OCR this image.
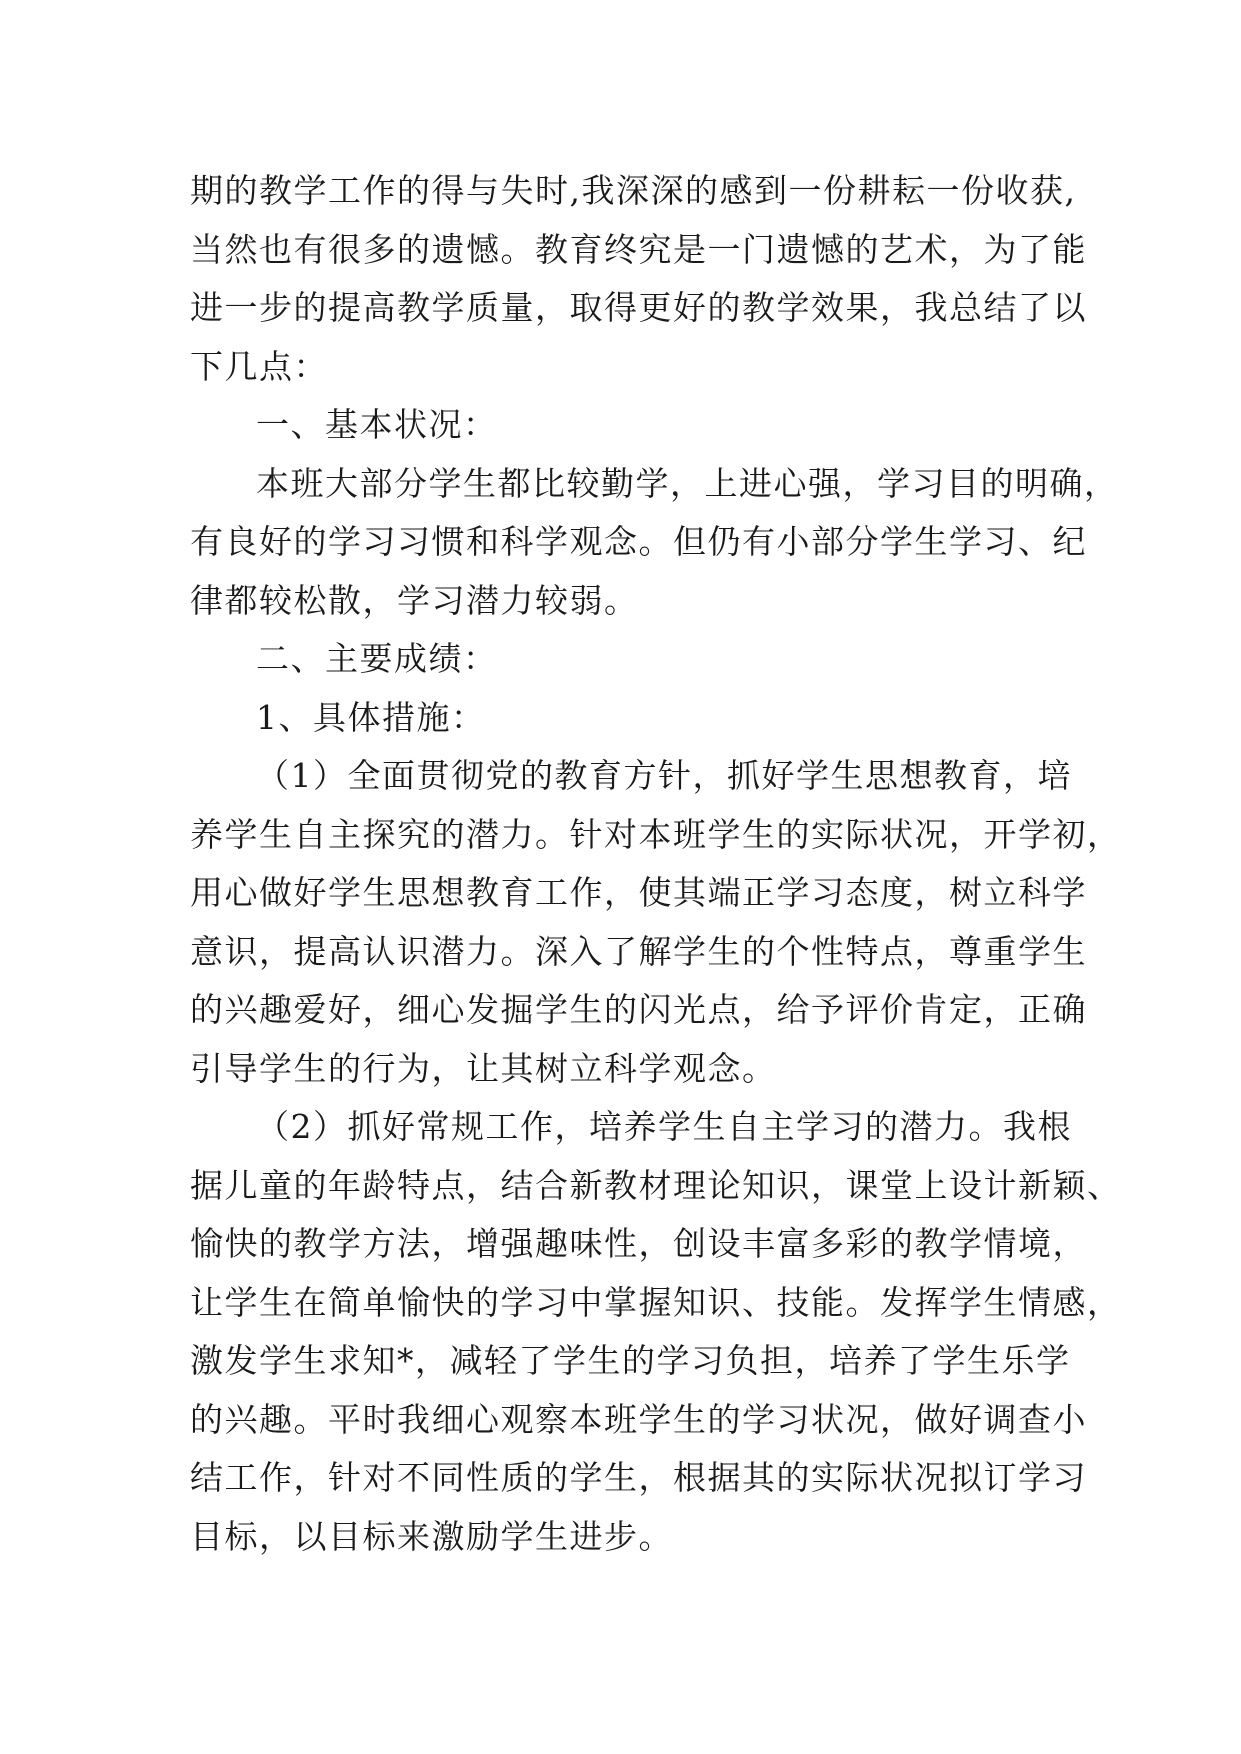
期的教学工作的得与失时,我深深的感到一份耕耘一份收获,
当然也有很多的遗憾。教育终究是一门遗憾的艺术，为了能
进一步的提高教学质量，取得更好的教学效果，我总结了以
下几点：
一、基本状况：
本班大部分学生都比较勤学，上进心强，学习目的明确，
有良好的学习习惯和科学观念。但仍有小部分学生学习、纪
律都较松散，学习潜力较弱。
二、主要成绩：
1、具体措施：
（1）全面贯彻党的教育方针，抓好学生思想教育，培
养学生自主探究的潜力。针对本班学生的实际状况，开学初，
用心做好学生思想教育工作，使其端正学习态度，树立科学
意识，提高认识潜力。深入了解学生的个性特点，尊重学生
的兴趣爱好，细心发掘学生的闪光点，给予评价肯定，正确
引导学生的行为，让其树立科学观念。
（2）抓好常规工作，培养学生自主学习的潜力。我根
据儿童的年龄特点，结合新教材理论知识，课堂上设计新颖、
愉快的教学方法，增强趣味性，创设丰富多彩的教学情境，
让学生在简单愉快的学习中掌握知识、技能。发挥学生情感，
激发学生求知*，减轻了学生的学习负担，培养了学生乐学
的兴趣。平时我细心观察本班学生的学习状况，做好调查小
结工作，针对不同性质的学生，根据其的实际状况拟订学习
目标，以目标来激励学生进步。
